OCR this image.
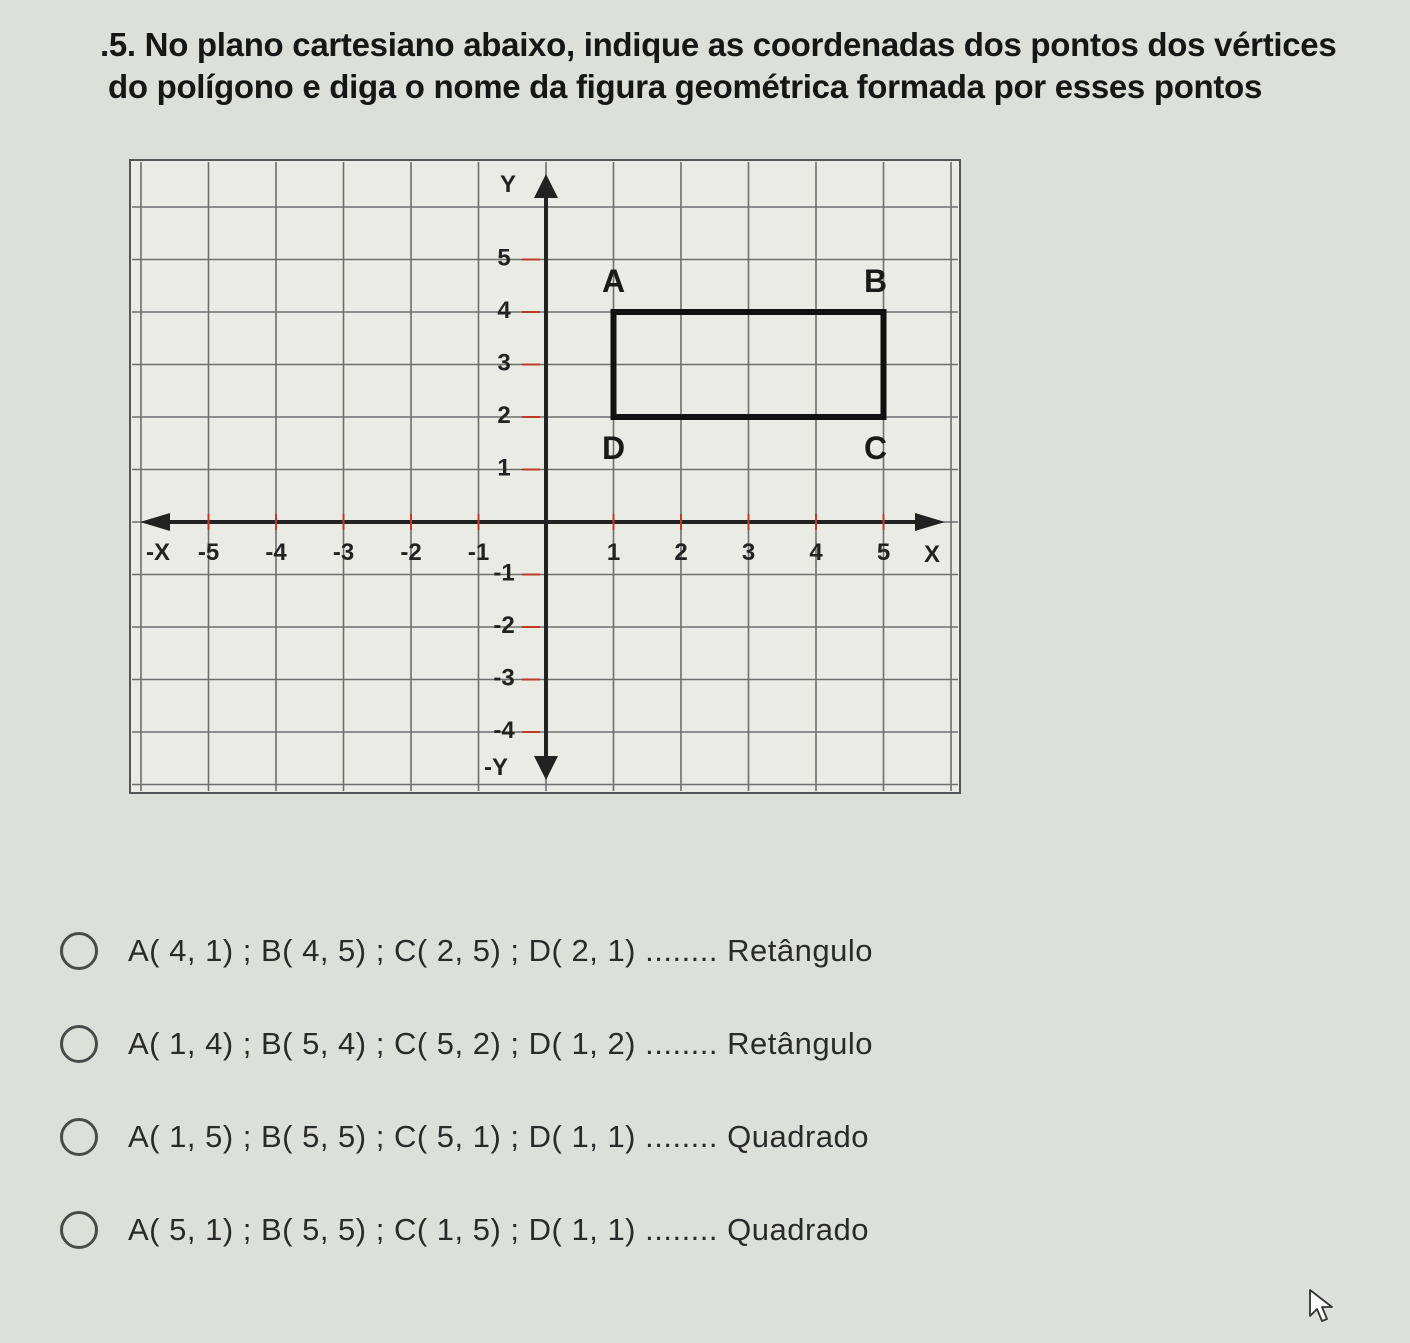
.5. No plano cartesiano abaixo, indique as coordenadas dos pontos dos vértices
do polígono e diga o nome da figura geométrica formada por esses pontos
Y
-Y
X
-X -5 -4 -3 -2 -1	1 2 3 4 5
5
4
3
2
1
-1
-2
-3
-4
A	B
C
D
A( 4, 1) ; B( 4, 5) ; C( 2, 5) ; D( 2, 1) ........ Retângulo
A( 1, 4) ; B( 5, 4) ; C( 5, 2) ; D( 1, 2) ........ Retângulo
A( 1, 5) ; B( 5, 5) ; C( 5, 1) ; D( 1, 1) ........ Quadrado
A( 5, 1) ; B( 5, 5) ; C( 1, 5) ; D( 1, 1) ........ Quadrado
